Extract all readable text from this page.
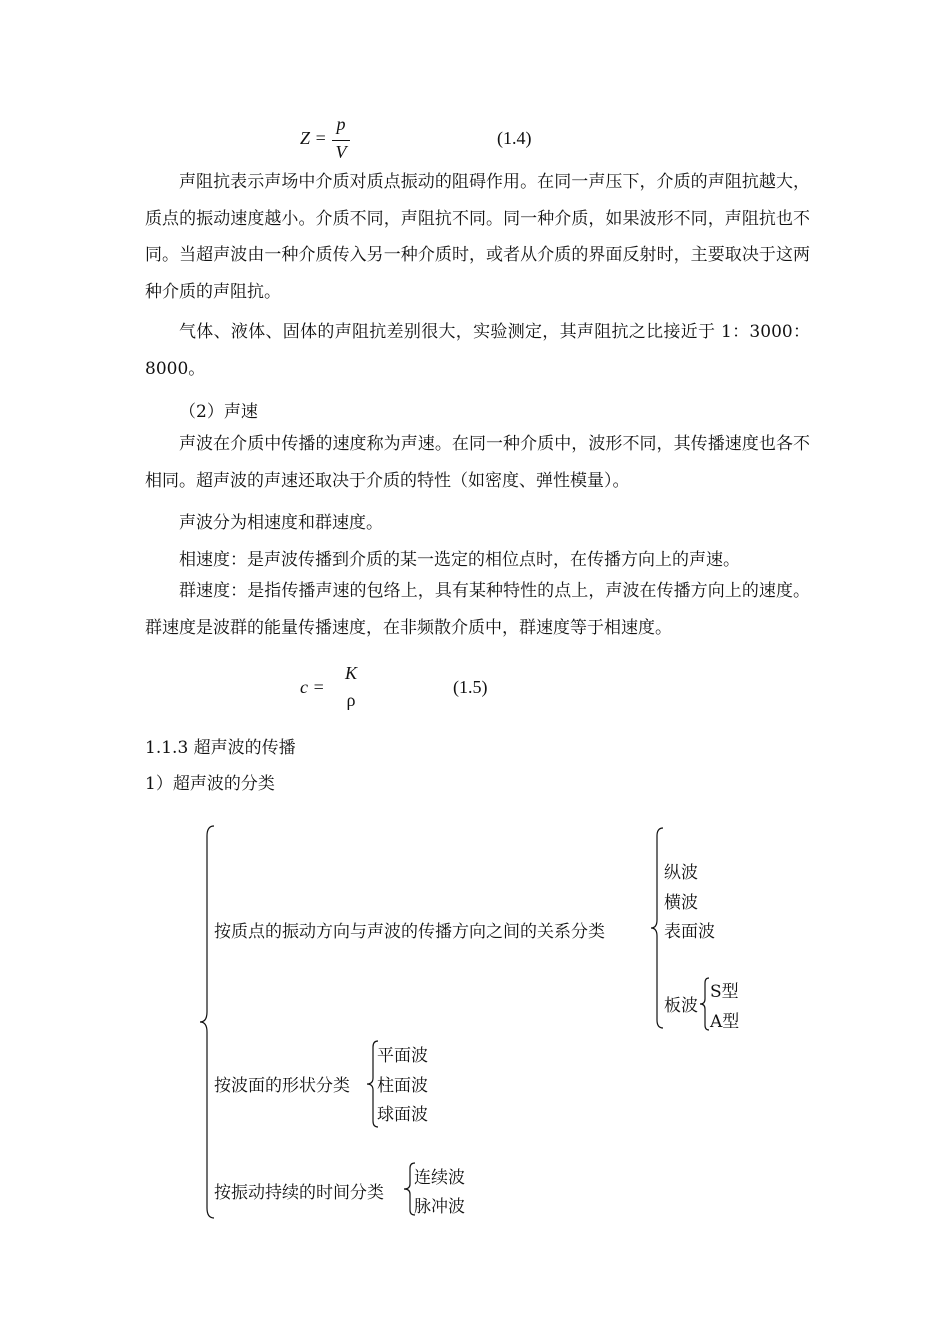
Z =
p
V
(1.4)
声阻抗表示声场中介质对质点振动的阻碍作用。在同一声压下，介质的声阻抗越大，质点的振动速度越小。介质不同，声阻抗不同。同一种介质，如果波形不同，声阻抗也不同。当超声波由一种介质传入另一种介质时，或者从介质的界面反射时，主要取决于这两种介质的声阻抗。
气体、液体、固体的声阻抗差别很大，实验测定，其声阻抗之比接近于 1：3000：8000。
（2）声速
声波在介质中传播的速度称为声速。在同一种介质中，波形不同，其传播速度也各不相同。超声波的声速还取决于介质的特性（如密度、弹性模量）。
声波分为相速度和群速度。
相速度：是声波传播到介质的某一选定的相位点时，在传播方向上的声速。
群速度：是指传播声速的包络上，具有某种特性的点上，声波在传播方向上的速度。群速度是波群的能量传播速度，在非频散介质中，群速度等于相速度。
c =
K
ρ
(1.5)
1.1.3 超声波的传播
1）超声波的分类
按质点的振动方向与声波的传播方向之间的关系分类
纵波
横波
表面波
板波
S型
A型
按波面的形状分类
平面波
柱面波
球面波
按振动持续的时间分类
连续波
脉冲波
